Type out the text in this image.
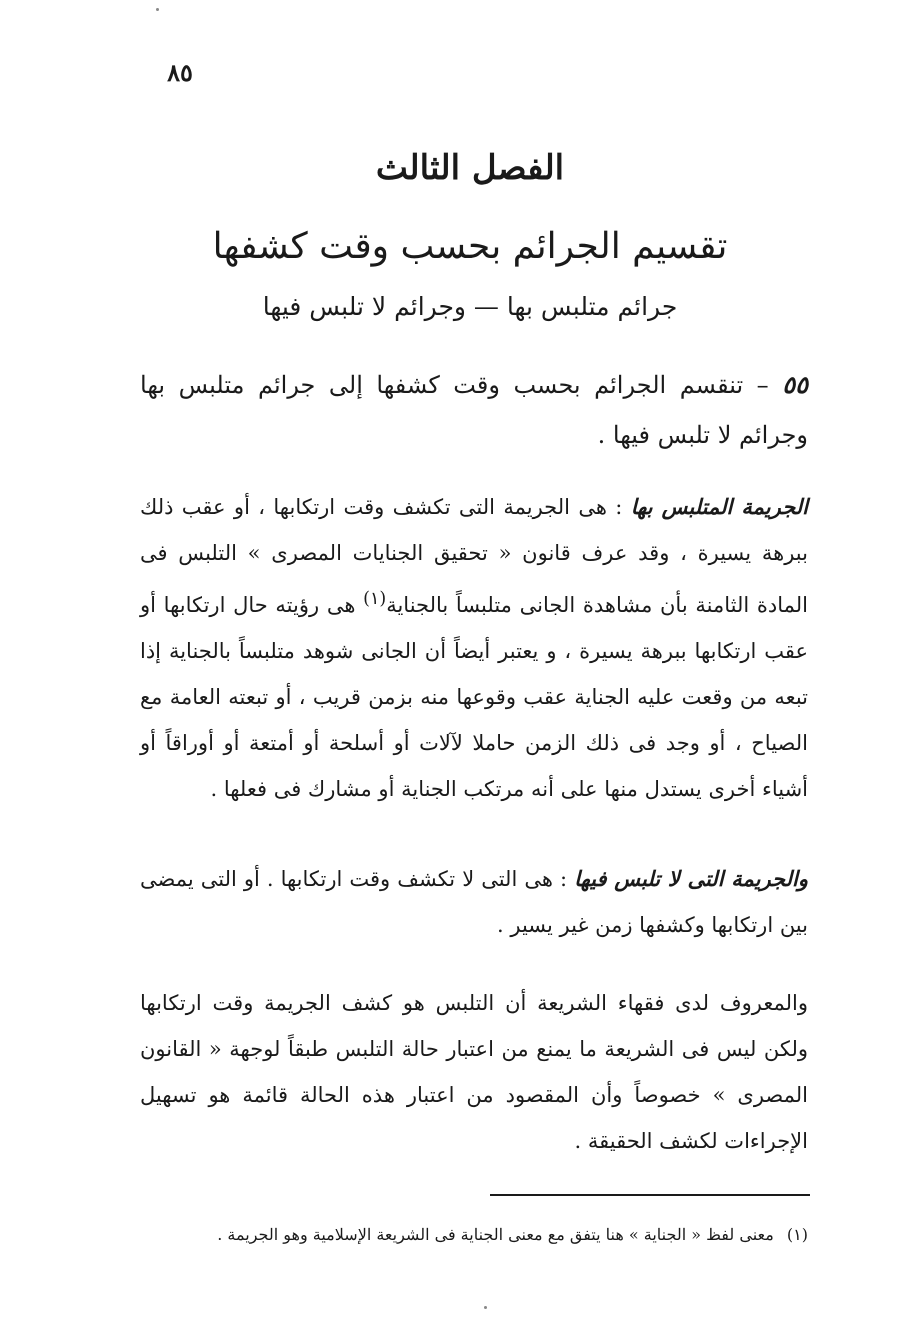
٨٥
الفصل الثالث
تقسيم الجرائم بحسب وقت كشفها
جرائم متلبس بها — وجرائم لا تلبس فيها
٥٥ – تنقسم الجرائم بحسب وقت كشفها إلى جرائم متلبس بها وجرائم لا تلبس فيها .
الجريمة المتلبس بها : هى الجريمة التى تكشف وقت ارتكابها ، أو عقب ذلك ببرهة يسيرة ، وقد عرف قانون « تحقيق الجنايات المصرى » التلبس فى المادة الثامنة بأن مشاهدة الجانى متلبساً بالجناية$^{(١)}$ هى رؤيته حال ارتكابها أو عقب ارتكابها ببرهة يسيرة ، و يعتبر أيضاً أن الجانى شوهد متلبساً بالجناية إذا تبعه من وقعت عليه الجناية عقب وقوعها منه بزمن قريب ، أو تبعته العامة مع الصياح ، أو وجد فى ذلك الزمن حاملا لآلات أو أسلحة أو أمتعة أو أوراقاً أو أشياء أخرى يستدل منها على أنه مرتكب الجناية أو مشارك فى فعلها .
والجريمة التى لا تلبس فيها : هى التى لا تكشف وقت ارتكابها . أو التى يمضى بين ارتكابها وكشفها زمن غير يسير .
والمعروف لدى فقهاء الشريعة أن التلبس هو كشف الجريمة وقت ارتكابها ولكن ليس فى الشريعة ما يمنع من اعتبار حالة التلبس طبقاً لوجهة « القانون المصرى » خصوصاً وأن المقصود من اعتبار هذه الحالة قائمة هو تسهيل الإجراءات لكشف الحقيقة .
(١) معنى لفظ « الجناية » هنا يتفق مع معنى الجناية فى الشريعة الإسلامية وهو الجريمة .
